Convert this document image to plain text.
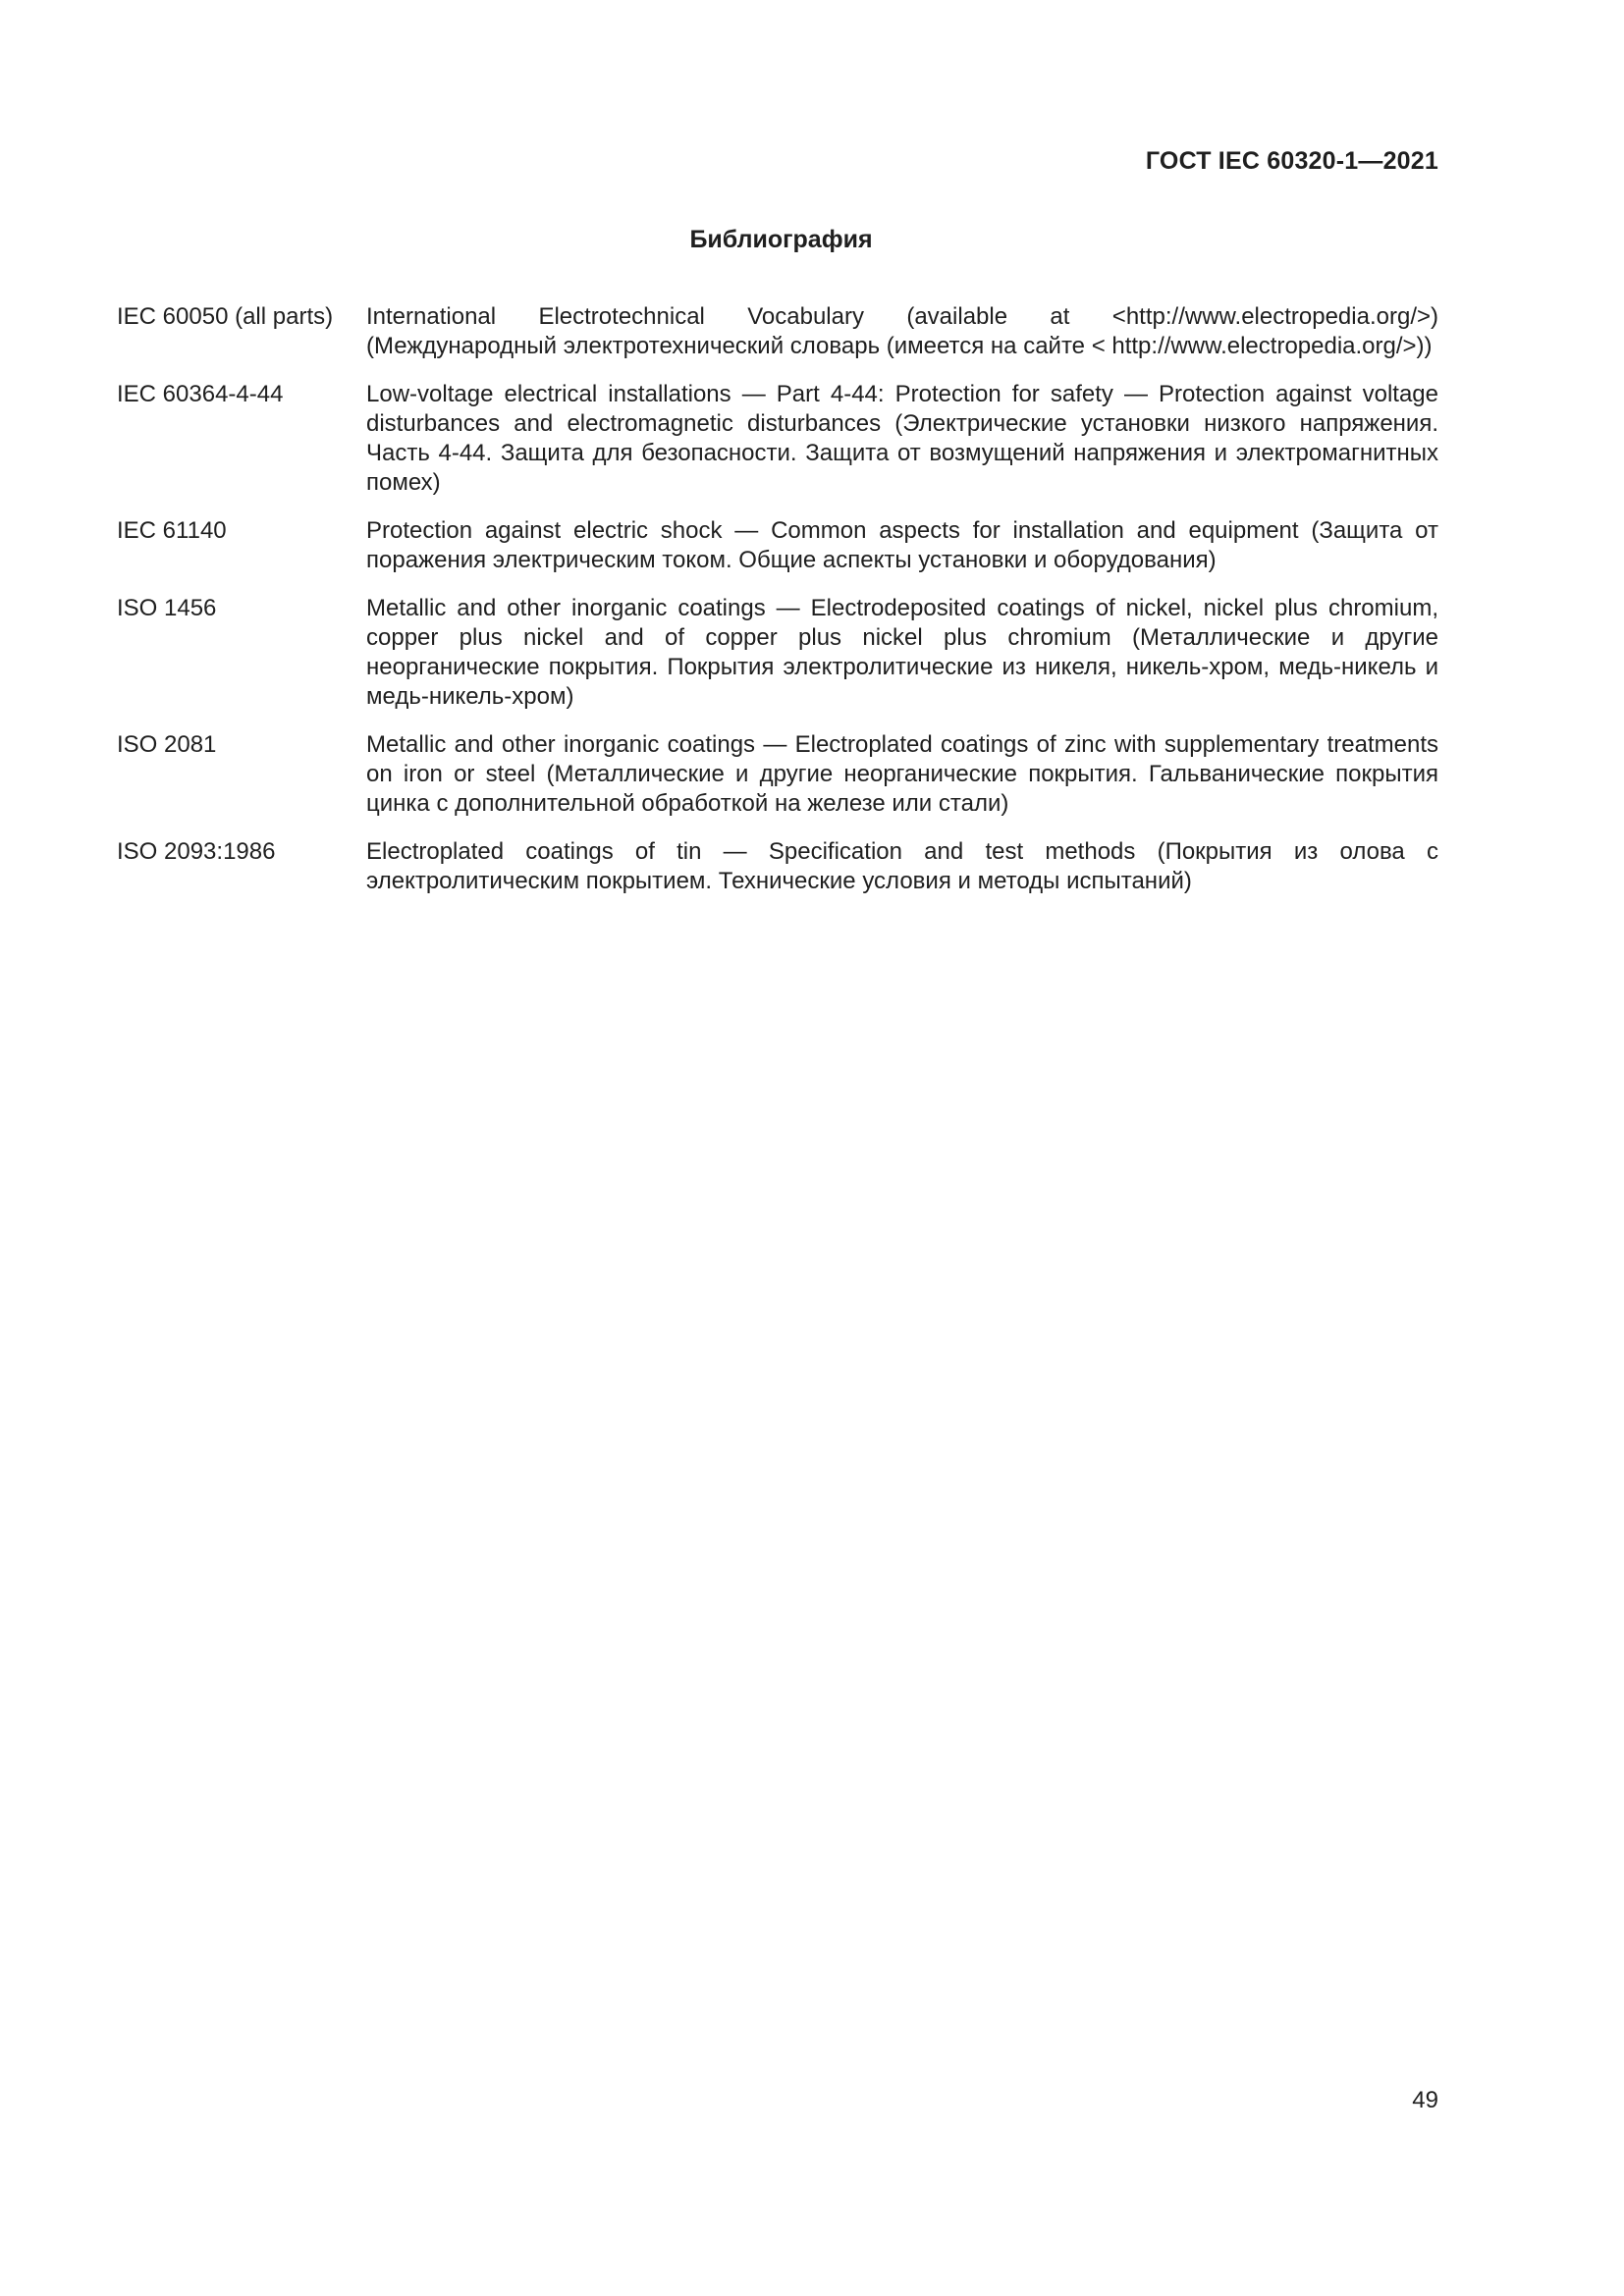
ГОСТ IEC 60320-1—2021
Библиография
IEC 60050 (all parts)	International Electrotechnical Vocabulary (available at <http://www.electropedia.org/>) (Международный электротехнический словарь (имеется на сайте < http://www.electropedia.org/>))
IEC 60364-4-44	Low-voltage electrical installations — Part 4-44: Protection for safety — Protection against voltage disturbances and electromagnetic disturbances (Электрические установки низкого напряжения. Часть 4-44. Защита для безопасности. Защита от возмущений напряжения и электромагнитных помех)
IEC 61140	Protection against electric shock — Common aspects for installation and equipment (Защита от поражения электрическим током. Общие аспекты установки и оборудования)
ISO 1456	Metallic and other inorganic coatings — Electrodeposited coatings of nickel, nickel plus chromium, copper plus nickel and of copper plus nickel plus chromium (Металлические и другие неорганические покрытия. Покрытия электролитические из никеля, никель-хром, медь-никель и медь-никель-хром)
ISO 2081	Metallic and other inorganic coatings — Electroplated coatings of zinc with supplementary treatments on iron or steel (Металлические и другие неорганические покрытия. Гальванические покрытия цинка с дополнительной обработкой на железе или стали)
ISO 2093:1986	Electroplated coatings of tin — Specification and test methods (Покрытия из олова с электролитическим покрытием. Технические условия и методы испытаний)
49
